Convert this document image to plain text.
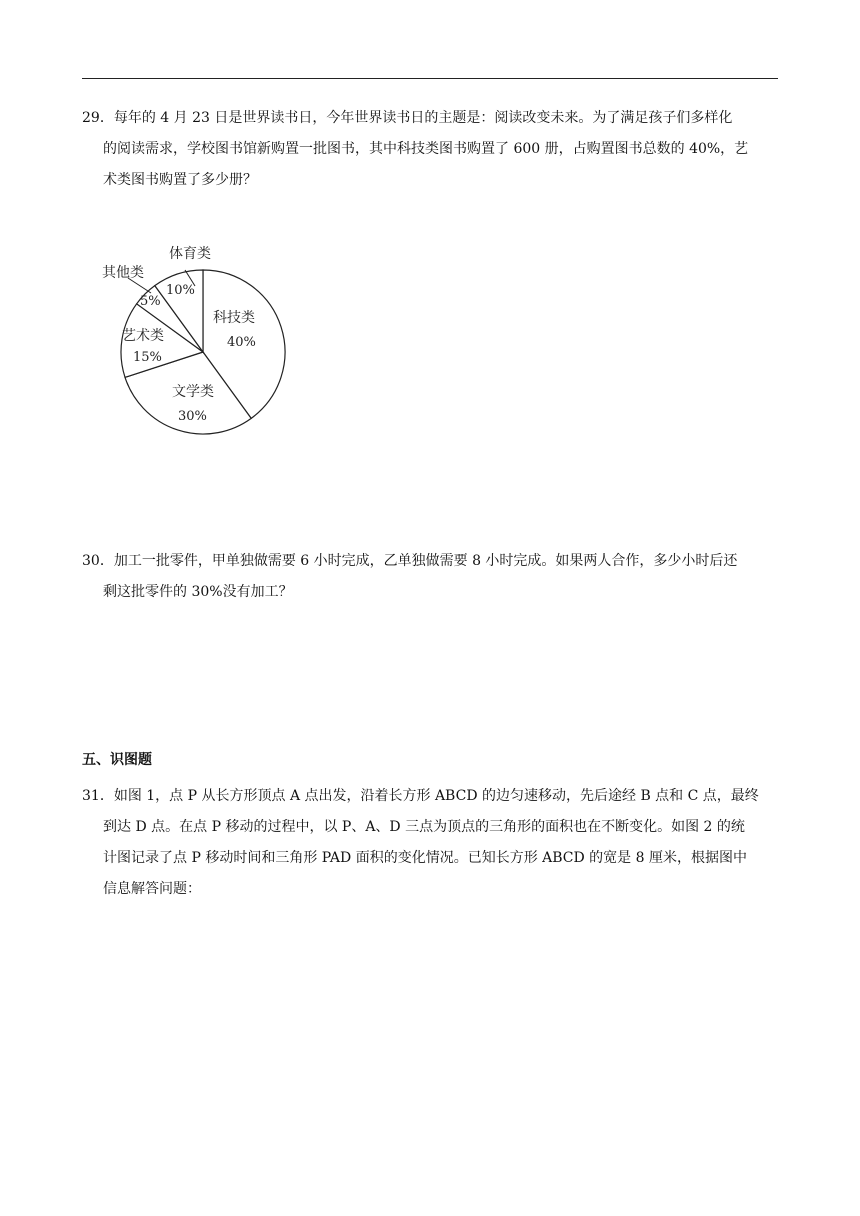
29．每年的 4 月 23 日是世界读书日，今年世界读书日的主题是：阅读改变未来。为了满足孩子们多样化
的阅读需求，学校图书馆新购置一批图书，其中科技类图书购置了 600 册，占购置图书总数的 40%，艺
术类图书购置了多少册？
科技类
40%
文学类
30%
艺术类
15%
其他类
5%
体育类
10%
30．加工一批零件，甲单独做需要 6 小时完成，乙单独做需要 8 小时完成。如果两人合作，多少小时后还
剩这批零件的 30%没有加工？
五、识图题
31．如图 1，点 P 从长方形顶点 A 点出发，沿着长方形 ABCD 的边匀速移动，先后途经 B 点和 C 点，最终
到达 D 点。在点 P 移动的过程中，以 P、A、D 三点为顶点的三角形的面积也在不断变化。如图 2 的统
计图记录了点 P 移动时间和三角形 PAD 面积的变化情况。已知长方形 ABCD 的宽是 8 厘米，根据图中
信息解答问题：
